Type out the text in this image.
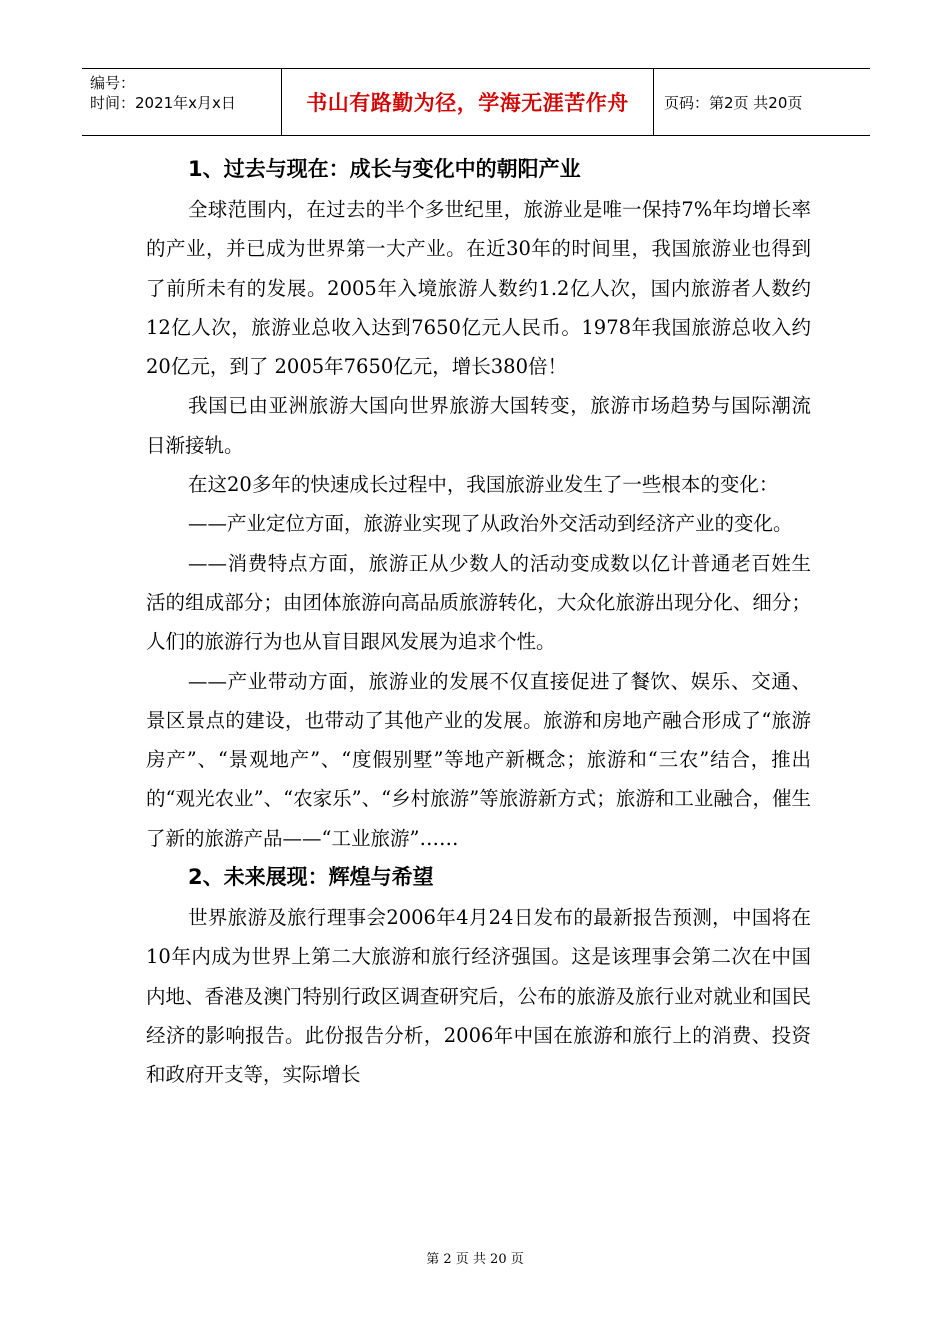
编号：
时间：2021年x月x日	书山有路勤为径，学海无涯苦作舟	页码：第2页 共20页
1、过去与现在：成长与变化中的朝阳产业

全球范围内，在过去的半个多世纪里，旅游业是唯一保持7%年均增长率的产业，并已成为世界第一大产业。在近30年的时间里，我国旅游业也得到了前所未有的发展。2005年入境旅游人数约1.2亿人次，国内旅游者人数约12亿人次，旅游业总收入达到7650亿元人民币。1978年我国旅游总收入约20亿元，到了 2005年7650亿元，增长380倍！

我国已由亚洲旅游大国向世界旅游大国转变，旅游市场趋势与国际潮流日渐接轨。

在这20多年的快速成长过程中，我国旅游业发生了一些根本的变化：

——产业定位方面，旅游业实现了从政治外交活动到经济产业的变化。

——消费特点方面，旅游正从少数人的活动变成数以亿计普通老百姓生活的组成部分；由团体旅游向高品质旅游转化，大众化旅游出现分化、细分；人们的旅游行为也从盲目跟风发展为追求个性。

——产业带动方面，旅游业的发展不仅直接促进了餐饮、娱乐、交通、景区景点的建设，也带动了其他产业的发展。旅游和房地产融合形成了“旅游房产”、“景观地产”、“度假别墅”等地产新概念；旅游和“三农”结合，推出的“观光农业”、“农家乐”、“乡村旅游”等旅游新方式；旅游和工业融合，催生了新的旅游产品——“工业旅游”……

2、未来展现：辉煌与希望

世界旅游及旅行理事会2006年4月24日发布的最新报告预测，中国将在10年内成为世界上第二大旅游和旅行经济强国。这是该理事会第二次在中国内地、香港及澳门特别行政区调查研究后，公布的旅游及旅行业对就业和国民经济的影响报告。此份报告分析，2006年中国在旅游和旅行上的消费、投资和政府开支等，实际增长

第 2 页 共 20 页
